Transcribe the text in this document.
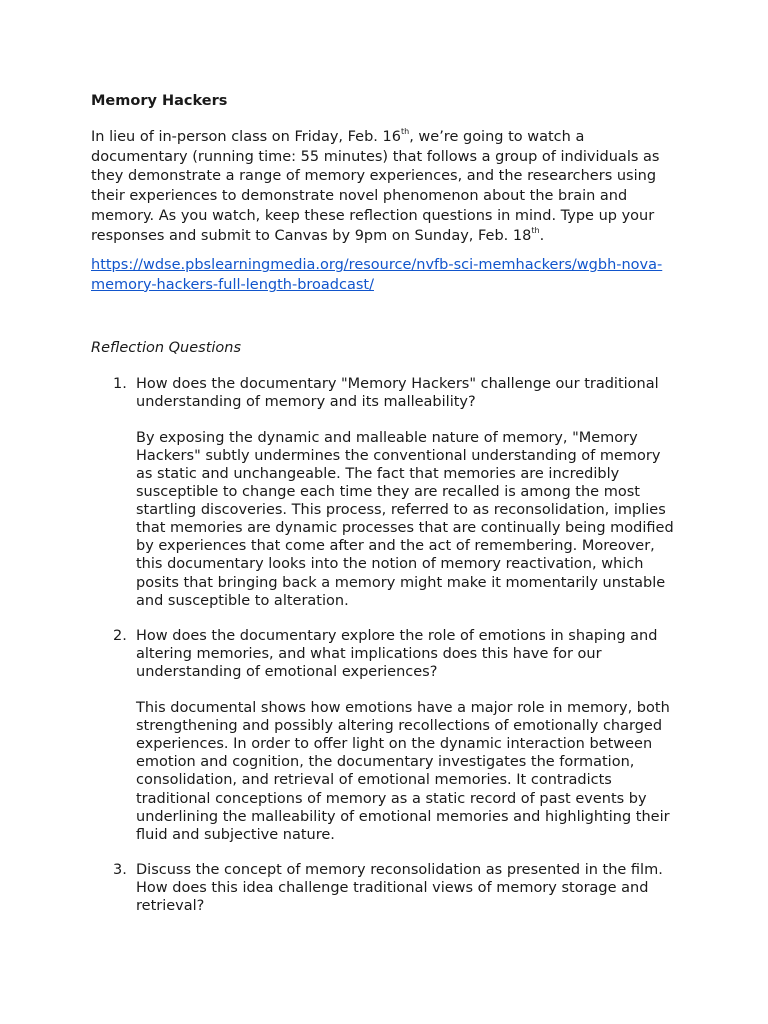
Memory Hackers

In lieu of in-person class on Friday, Feb. 16th, we’re going to watch a documentary (running time: 55 minutes) that follows a group of individuals as they demonstrate a range of memory experiences, and the researchers using their experiences to demonstrate novel phenomenon about the brain and memory. As you watch, keep these reflection questions in mind. Type up your responses and submit to Canvas by 9pm on Sunday, Feb. 18th.

https://wdse.pbslearningmedia.org/resource/nvfb-sci-memhackers/wgbh-nova-memory-hackers-full-length-broadcast/

Reflection Questions

1. How does the documentary "Memory Hackers" challenge our traditional understanding of memory and its malleability?

By exposing the dynamic and malleable nature of memory, "Memory Hackers" subtly undermines the conventional understanding of memory as static and unchangeable. The fact that memories are incredibly susceptible to change each time they are recalled is among the most startling discoveries. This process, referred to as reconsolidation, implies that memories are dynamic processes that are continually being modified by experiences that come after and the act of remembering. Moreover, this documentary looks into the notion of memory reactivation, which posits that bringing back a memory might make it momentarily unstable and susceptible to alteration.

2. How does the documentary explore the role of emotions in shaping and altering memories, and what implications does this have for our understanding of emotional experiences?

This documental shows how emotions have a major role in memory, both strengthening and possibly altering recollections of emotionally charged experiences. In order to offer light on the dynamic interaction between emotion and cognition, the documentary investigates the formation, consolidation, and retrieval of emotional memories. It contradicts traditional conceptions of memory as a static record of past events by underlining the malleability of emotional memories and highlighting their fluid and subjective nature.

3. Discuss the concept of memory reconsolidation as presented in the film. How does this idea challenge traditional views of memory storage and retrieval?
